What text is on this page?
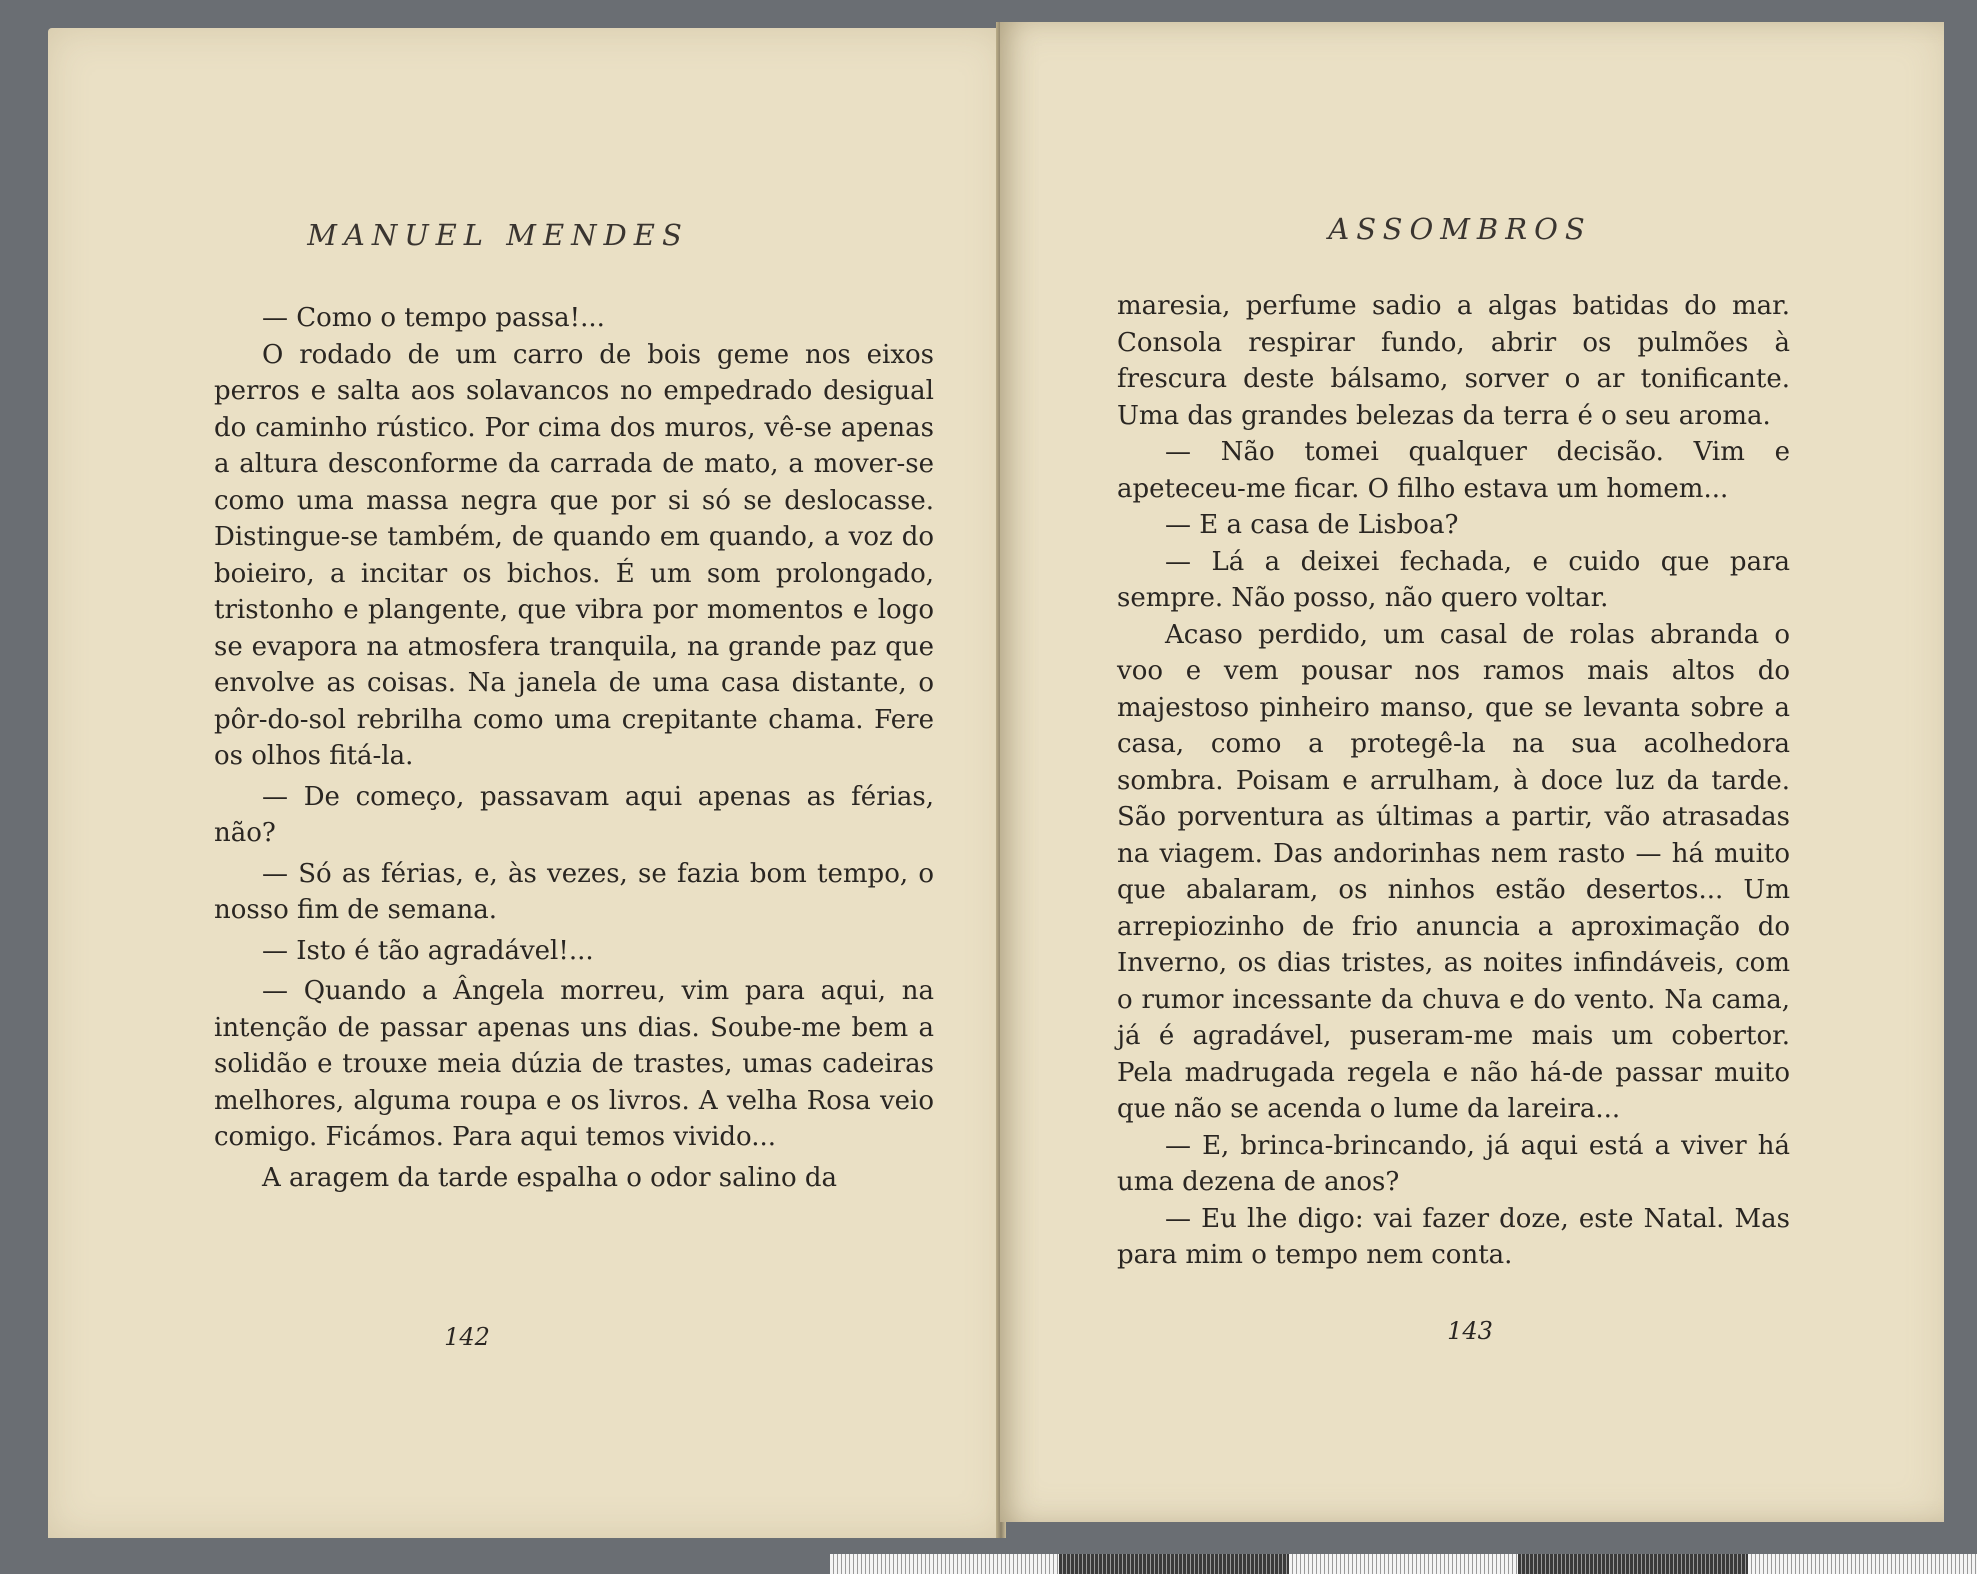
MANUEL MENDES

— Como o tempo passa!...

O rodado de um carro de bois geme nos eixos perros e salta aos solavancos no empedrado desigual do caminho rústico. Por cima dos muros, vê-se apenas a altura desconforme da carrada de mato, a mover-se como uma massa negra que por si só se deslocasse. Distingue-se também, de quando em quando, a voz do boieiro, a incitar os bichos. É um som prolongado, tristonho e plangente, que vibra por momentos e logo se evapora na atmosfera tranquila, na grande paz que envolve as coisas. Na janela de uma casa distante, o pôr-do-sol rebrilha como uma crepitante chama. Fere os olhos fitá-la.

— De começo, passavam aqui apenas as férias, não?

— Só as férias, e, às vezes, se fazia bom tempo, o nosso fim de semana.

— Isto é tão agradável!...

— Quando a Ângela morreu, vim para aqui, na intenção de passar apenas uns dias. Soube-me bem a solidão e trouxe meia dúzia de trastes, umas cadeiras melhores, alguma roupa e os livros. A velha Rosa veio comigo. Ficámos. Para aqui temos vivido...

A aragem da tarde espalha o odor salino da

142
ASSOMBROS

maresia, perfume sadio a algas batidas do mar. Consola respirar fundo, abrir os pulmões à frescura deste bálsamo, sorver o ar tonificante. Uma das grandes belezas da terra é o seu aroma.

— Não tomei qualquer decisão. Vim e apeteceu-me ficar. O filho estava um homem...

— E a casa de Lisboa?

— Lá a deixei fechada, e cuido que para sempre. Não posso, não quero voltar.

Acaso perdido, um casal de rolas abranda o voo e vem pousar nos ramos mais altos do majestoso pinheiro manso, que se levanta sobre a casa, como a protegê-la na sua acolhedora sombra. Poisam e arrulham, à doce luz da tarde. São porventura as últimas a partir, vão atrasadas na viagem. Das andorinhas nem rasto — há muito que abalaram, os ninhos estão desertos... Um arrepiozinho de frio anuncia a aproximação do Inverno, os dias tristes, as noites infindáveis, com o rumor incessante da chuva e do vento. Na cama, já é agradável, puseram-me mais um cobertor. Pela madrugada regela e não há-de passar muito que não se acenda o lume da lareira...

— E, brinca-brincando, já aqui está a viver há uma dezena de anos?

— Eu lhe digo: vai fazer doze, este Natal. Mas para mim o tempo nem conta.

143
